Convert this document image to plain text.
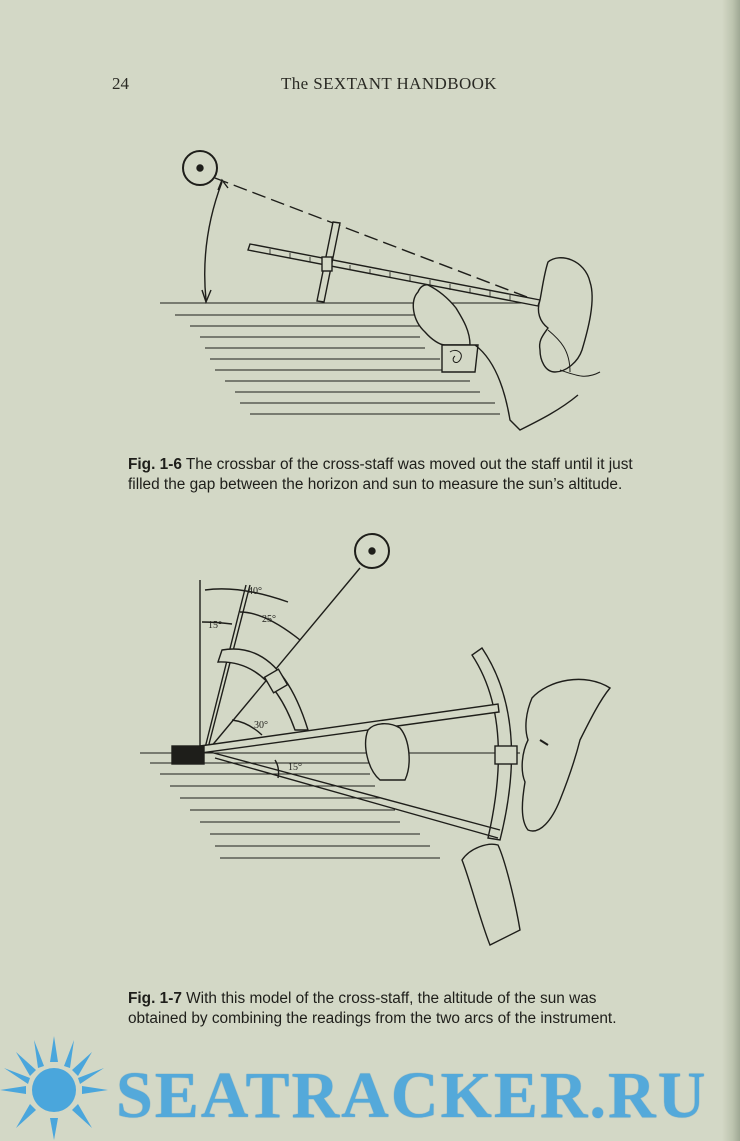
24	The SEXTANT HANDBOOK
Fig. 1-6 The crossbar of the cross-staff was moved out the staff until it just filled the gap between the horizon and sun to measure the sun’s altitude.
40°
15°
25°
30°
15°
Fig. 1-7 With this model of the cross-staff, the altitude of the sun was obtained by combining the readings from the two arcs of the instrument.
SEATRACKER.RU
